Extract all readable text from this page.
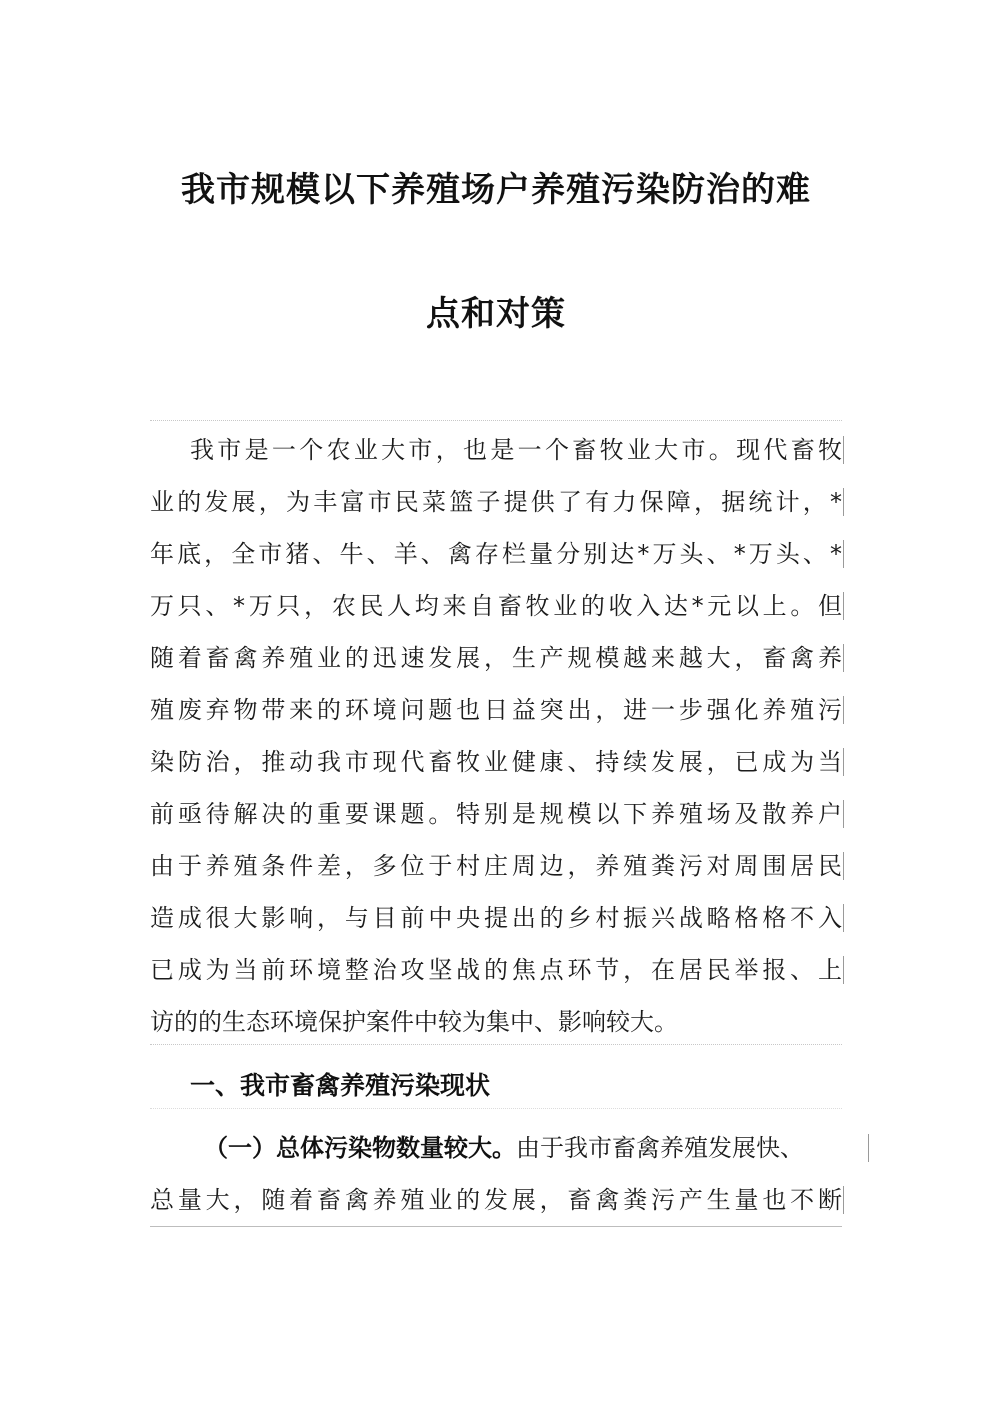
我市规模以下养殖场户养殖污染防治的难
点和对策
我市是一个农业大市，也是一个畜牧业大市。现代畜牧
业的发展，为丰富市民菜篮子提供了有力保障，据统计，*
年底，全市猪、牛、羊、禽存栏量分别达*万头、*万头、*
万只、*万只，农民人均来自畜牧业的收入达*元以上。但
随着畜禽养殖业的迅速发展，生产规模越来越大，畜禽养
殖废弃物带来的环境问题也日益突出，进一步强化养殖污
染防治，推动我市现代畜牧业健康、持续发展，已成为当
前亟待解决的重要课题。特别是规模以下养殖场及散养户
由于养殖条件差，多位于村庄周边，养殖粪污对周围居民
造成很大影响，与目前中央提出的乡村振兴战略格格不入
已成为当前环境整治攻坚战的焦点环节，在居民举报、上
访的的生态环境保护案件中较为集中、影响较大。
一、我市畜禽养殖污染现状
（一）总体污染物数量较大。由于我市畜禽养殖发展快、
总量大，随着畜禽养殖业的发展，畜禽粪污产生量也不断
